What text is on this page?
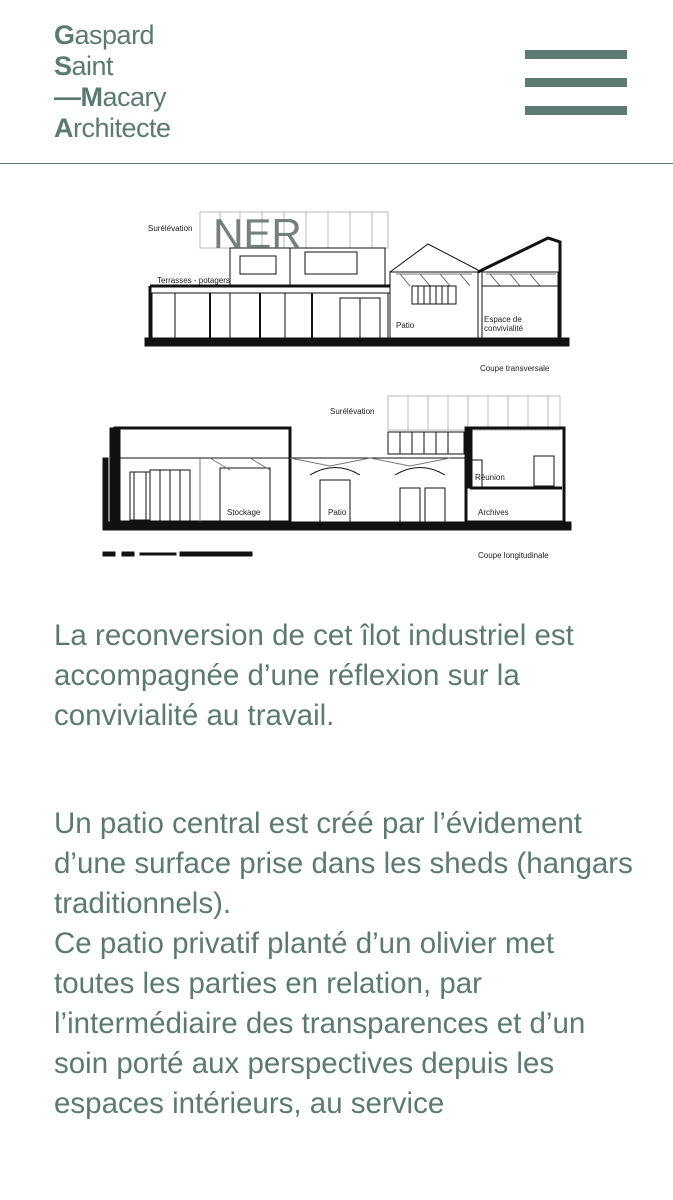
Gaspard
Saint
—Macary
Architecte
NER
Surélévation
Terrasses - potagers
Patio
Espace de
convivialité
Coupe transversale
Surélévation
Réunion
Stockage	Patio	Archives
Coupe longitudinale

La reconversion de cet îlot industriel est accompagnée d’une réflexion sur la convivialité au travail.

Un patio central est créé par l’évidement d’une surface prise dans les sheds (hangars traditionnels).

Ce patio privatif planté d’un olivier met toutes les parties en relation, par l’intermédiaire des transparences et d’un soin porté aux perspectives depuis les espaces intérieurs, au service
